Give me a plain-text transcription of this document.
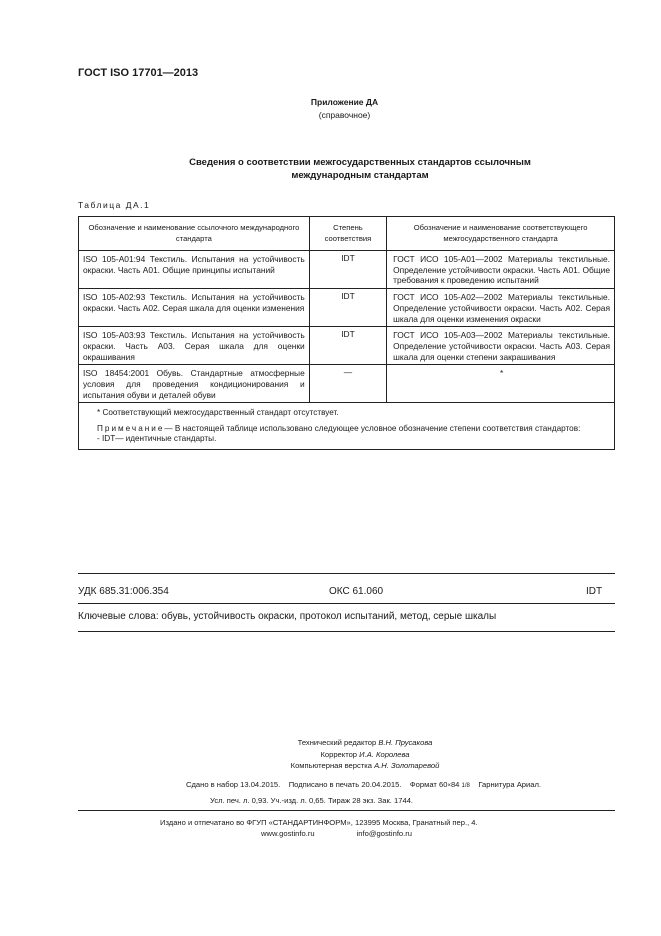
ГОСТ ISO 17701—2013
Приложение ДА
(справочное)
Сведения о соответствии межгосударственных стандартов ссылочным
международным стандартам
Таблица ДА.1
Обозначение и наименование ссылочного международного стандарта	Степень соответствия	Обозначение и наименование соответствующего межгосударственного стандарта
ISO 105-A01:94 Текстиль. Испытания на устойчивость окраски. Часть А01. Общие принципы испытаний	IDT	ГОСТ ИСО 105-А01—2002 Материалы текстильные. Определение устойчивости окраски. Часть А01. Общие требования к проведению испытаний
ISO 105-A02:93 Текстиль. Испытания на устойчивость окраски. Часть А02. Серая шкала для оценки изменения	IDT	ГОСТ ИСО 105-А02—2002 Материалы текстильные. Определение устойчивости окраски. Часть А02. Серая шкала для оценки изменения окраски
ISO 105-A03:93 Текстиль. Испытания на устойчивость окраски. Часть А03. Серая шкала для оценки окрашивания	IDT	ГОСТ ИСО 105-А03—2002 Материалы текстильные. Определение устойчивости окраски. Часть А03. Серая шкала для оценки степени закрашивания
ISO 18454:2001 Обувь. Стандартные атмосферные условия для проведения кондиционирования и испытания обуви и деталей обуви	—	*

* Соответствующий межгосударственный стандарт отсутствует.

Примечание— В настоящей таблице использовано следующее условное обозначение степени соответствия стандартов:

- IDT— идентичные стандарты.		

УДК 685.31:006.354	ОКС 61.060	IDT
Ключевые слова: обувь, устойчивость окраски, протокол испытаний, метод, серые шкалы
Технический редактор В.Н. Прусакова
Корректор И.А. Королева
Компьютерная верстка А.Н. Золотаревой
Сдано в набор 13.04.2015. Подписано в печать 20.04.2015. Формат 60×84 1/8 Гарнитура Ариал.
Усл. печ. л. 0,93. Уч.-изд. л. 0,65. Тираж 28 экз. Зак. 1744.
Издано и отпечатано во ФГУП «СТАНДАРТИНФОРМ», 123995 Москва, Гранатный пер., 4.
www.gostinfo.ru	info@gostinfo.ru
